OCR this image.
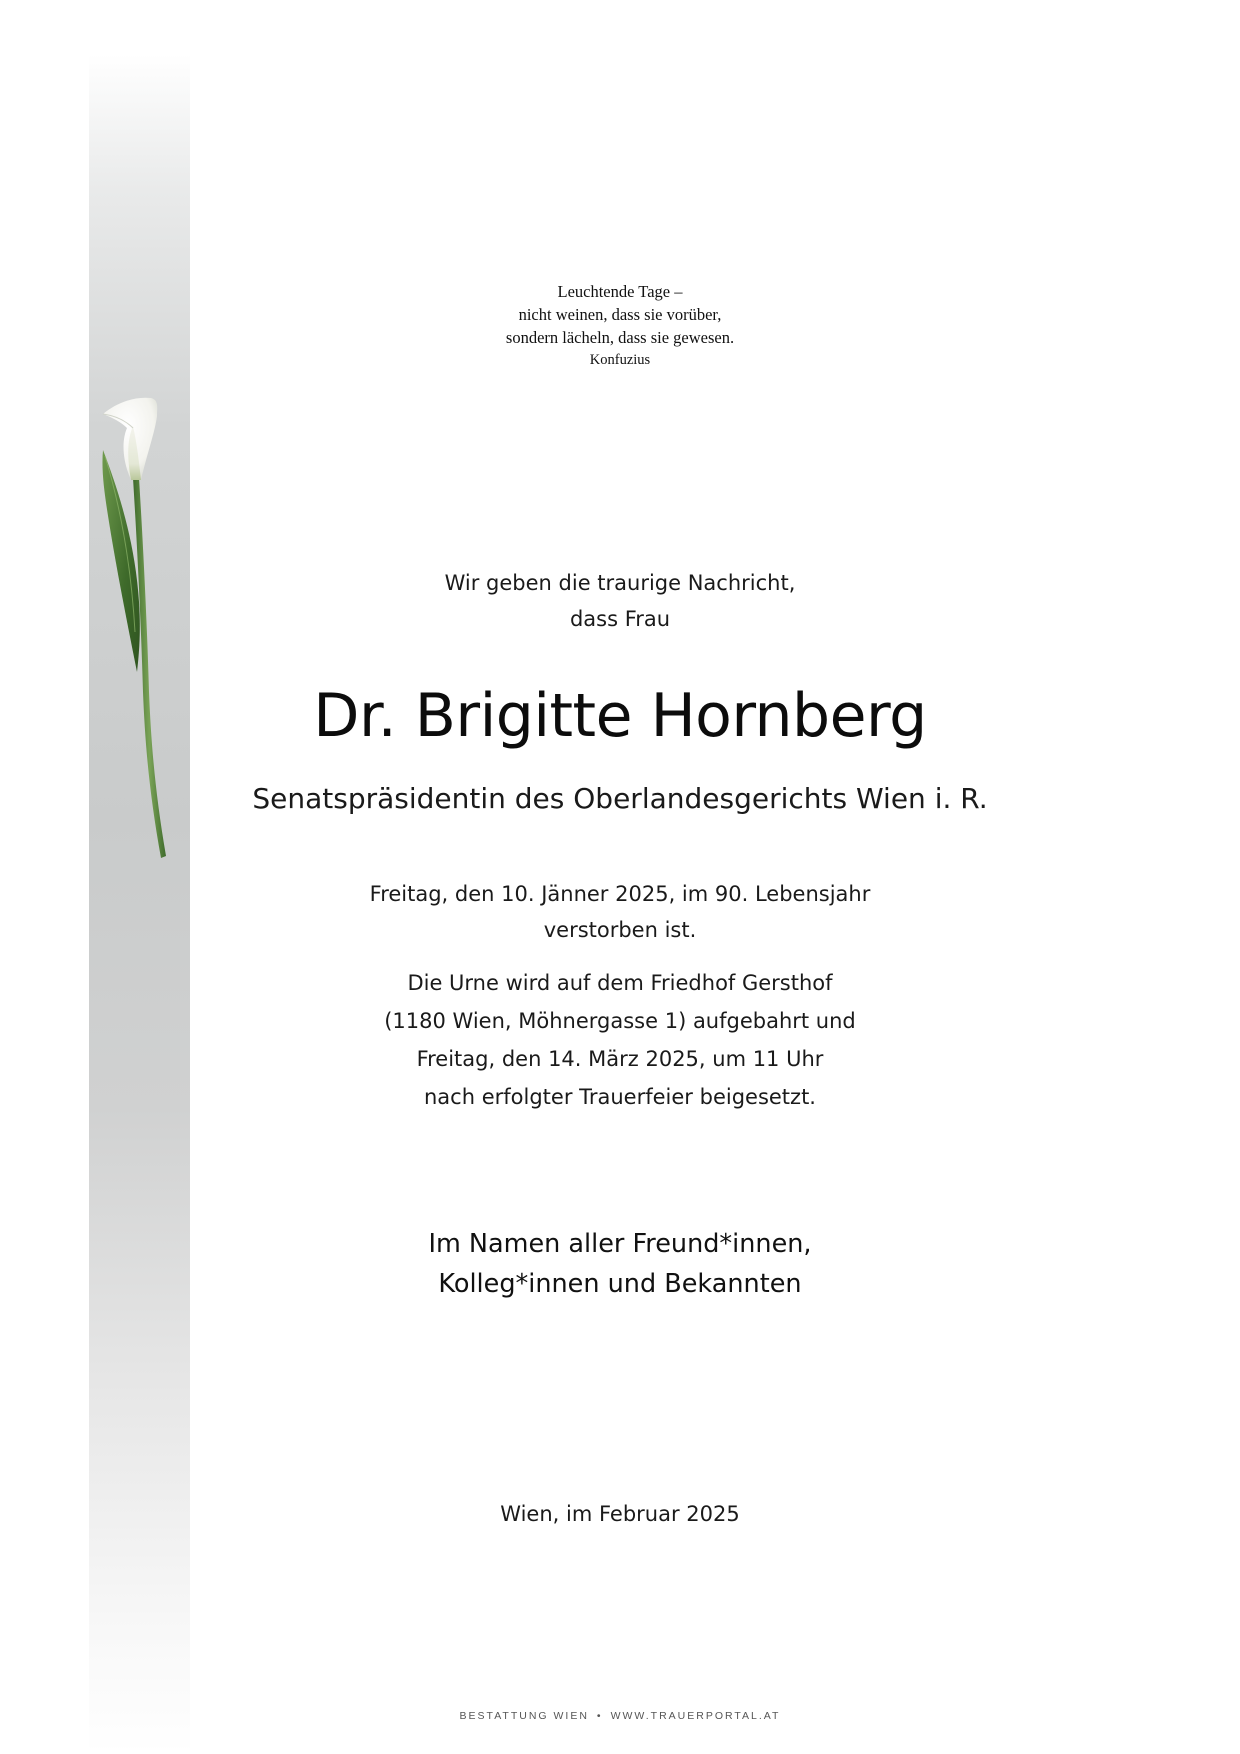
Leuchtende Tage –
nicht weinen, dass sie vorüber,
sondern lächeln, dass sie gewesen.
Konfuzius
Wir geben die traurige Nachricht,
dass Frau
Dr. Brigitte Hornberg
Senatspräsidentin des Oberlandesgerichts Wien i. R.
Freitag, den 10. Jänner 2025, im 90. Lebensjahr
verstorben ist.
Die Urne wird auf dem Friedhof Gersthof
(1180 Wien, Möhnergasse 1) aufgebahrt und
Freitag, den 14. März 2025, um 11 Uhr
nach erfolgter Trauerfeier beigesetzt.
Im Namen aller Freund*innen,
Kolleg*innen und Bekannten
Wien, im Februar 2025
BESTATTUNG WIEN • WWW.TRAUERPORTAL.AT
